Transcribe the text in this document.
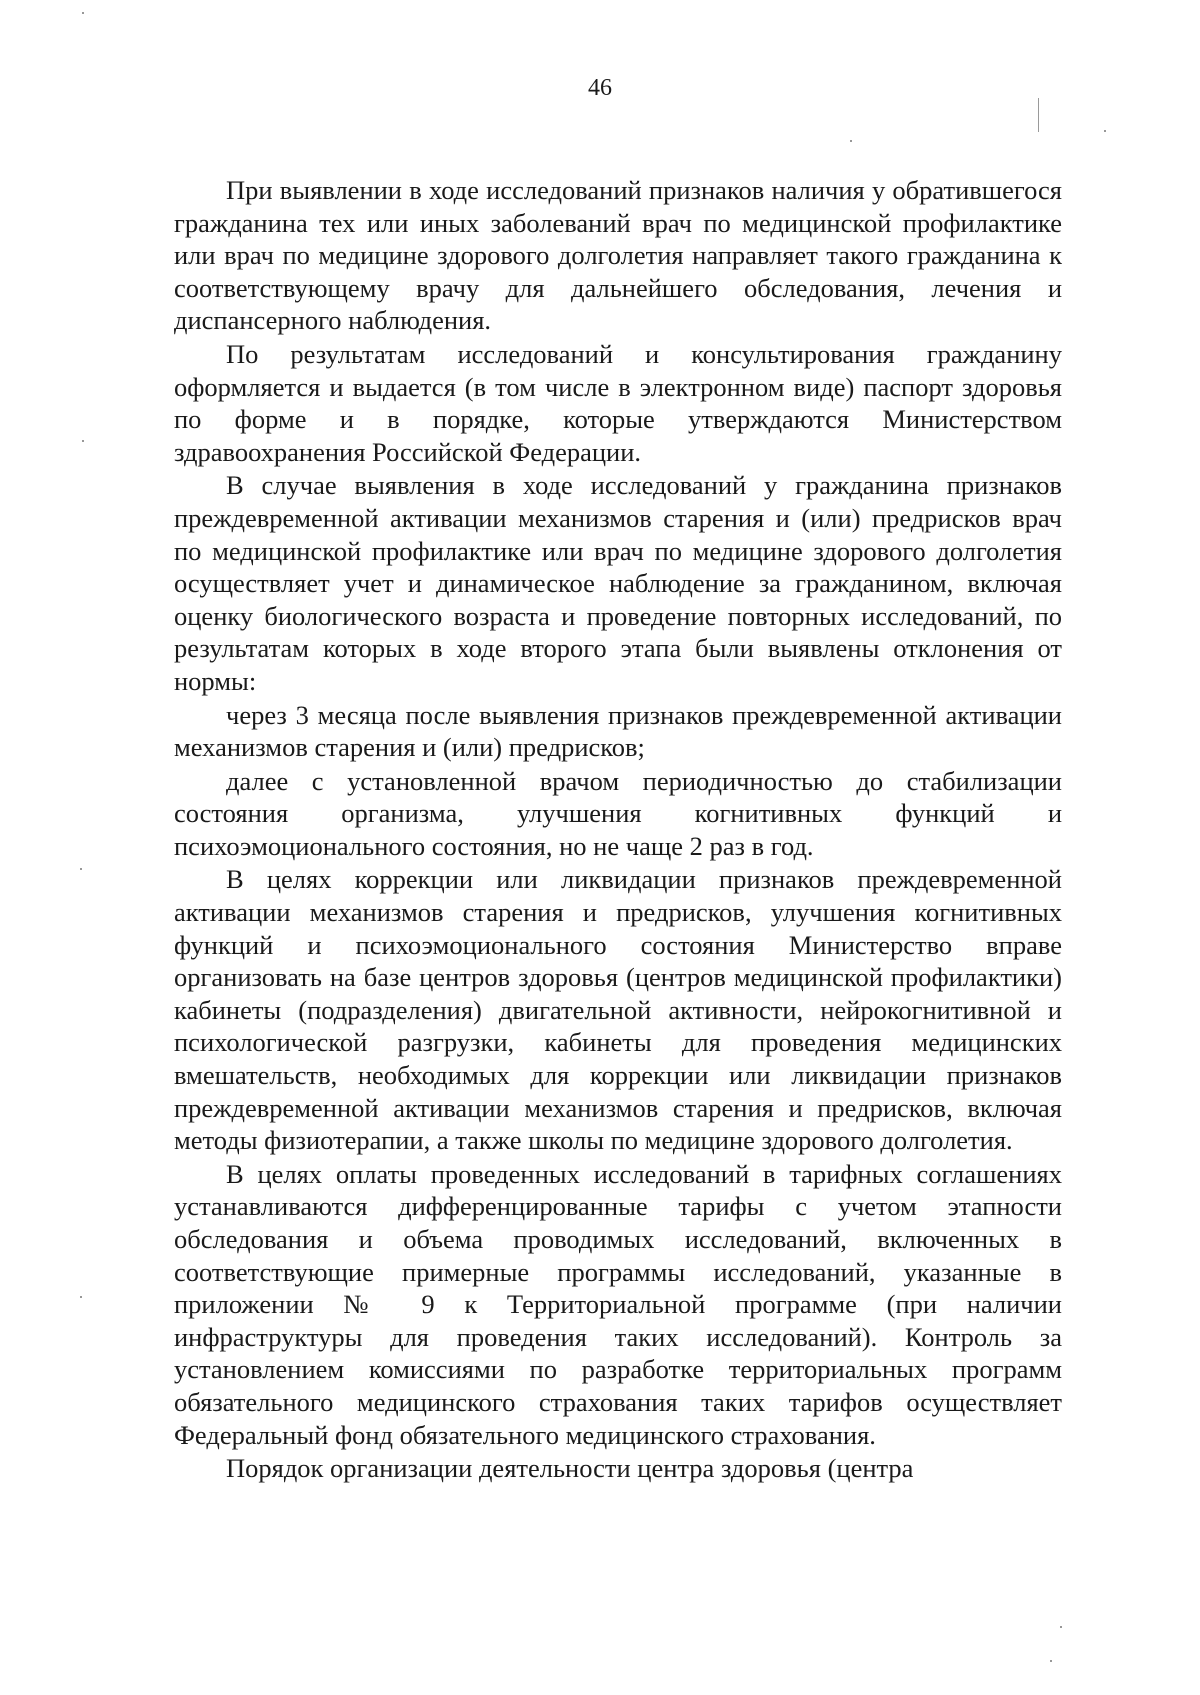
46

При выявлении в ходе исследований признаков наличия у обратившегося гражданина тех или иных заболеваний врач по медицинской профилактике или врач по медицине здорового долголетия направляет такого гражданина к соответствующему врачу для дальнейшего обследования, лечения и диспансерного наблюдения.

По результатам исследований и консультирования гражданину оформляется и выдается (в том числе в электронном виде) паспорт здоровья по форме и в порядке, которые утверждаются Министерством здравоохранения Российской Федерации.

В случае выявления в ходе исследований у гражданина признаков преждевременной активации механизмов старения и (или) предрисков врач по медицинской профилактике или врач по медицине здорового долголетия осуществляет учет и динамическое наблюдение за гражданином, включая оценку биологического возраста и проведение повторных исследований, по результатам которых в ходе второго этапа были выявлены отклонения от нормы:

через 3 месяца после выявления признаков преждевременной активации механизмов старения и (или) предрисков;

далее с установленной врачом периодичностью до стабилизации состояния организма, улучшения когнитивных функций и психоэмоционального состояния, но не чаще 2 раз в год.

В целях коррекции или ликвидации признаков преждевременной активации механизмов старения и предрисков, улучшения когнитивных функций и психоэмоционального состояния Министерство вправе организовать на базе центров здоровья (центров медицинской профилактики) кабинеты (подразделения) двигательной активности, нейрокогнитивной и психологической разгрузки, кабинеты для проведения медицинских вмешательств, необходимых для коррекции или ликвидации признаков преждевременной активации механизмов старения и предрисков, включая методы физиотерапии, а также школы по медицине здорового долголетия.

В целях оплаты проведенных исследований в тарифных соглашениях устанавливаются дифференцированные тарифы с учетом этапности обследования и объема проводимых исследований, включенных в соответствующие примерные программы исследований, указанные в приложении № 9 к Территориальной программе (при наличии инфраструктуры для проведения таких исследований). Контроль за установлением комиссиями по разработке территориальных программ обязательного медицинского страхования таких тарифов осуществляет Федеральный фонд обязательного медицинского страхования.

Порядок организации деятельности центра здоровья (центра
